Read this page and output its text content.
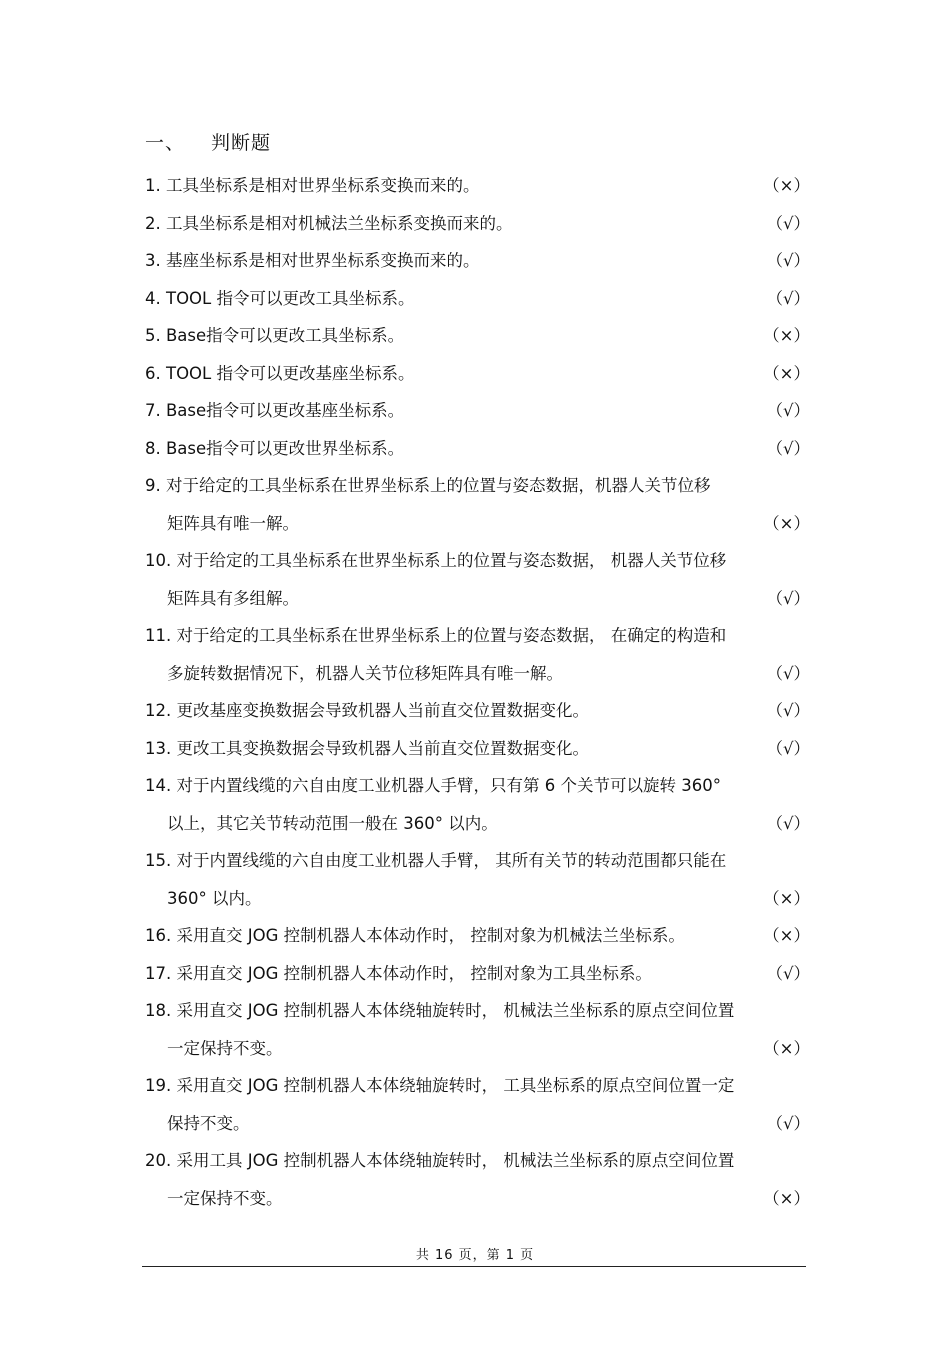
一、 判断题
1. 工具坐标系是相对世界坐标系变换而来的。	（×）
2. 工具坐标系是相对机械法兰坐标系变换而来的。	（√）
3. 基座坐标系是相对世界坐标系变换而来的。	（√）
4. TOOL 指令可以更改工具坐标系。	（√）
5. Base指令可以更改工具坐标系。	（×）
6. TOOL 指令可以更改基座坐标系。	（×）
7. Base指令可以更改基座坐标系。	（√）
8. Base指令可以更改世界坐标系。	（√）
9. 对于给定的工具坐标系在世界坐标系上的位置与姿态数据，机器人关节位移
矩阵具有唯一解。	（×）
10. 对于给定的工具坐标系在世界坐标系上的位置与姿态数据， 机器人关节位移
矩阵具有多组解。	（√）
11. 对于给定的工具坐标系在世界坐标系上的位置与姿态数据， 在确定的构造和
多旋转数据情况下，机器人关节位移矩阵具有唯一解。	（√）
12. 更改基座变换数据会导致机器人当前直交位置数据变化。	（√）
13. 更改工具变换数据会导致机器人当前直交位置数据变化。	（√）
14. 对于内置线缆的六自由度工业机器人手臂，只有第 6 个关节可以旋转 360°
以上，其它关节转动范围一般在 360° 以内。	（√）
15. 对于内置线缆的六自由度工业机器人手臂， 其所有关节的转动范围都只能在
360° 以内。	（×）
16. 采用直交 JOG 控制机器人本体动作时， 控制对象为机械法兰坐标系。	（×）
17. 采用直交 JOG 控制机器人本体动作时， 控制对象为工具坐标系。	（√）
18. 采用直交 JOG 控制机器人本体绕轴旋转时， 机械法兰坐标系的原点空间位置
一定保持不变。	（×）
19. 采用直交 JOG 控制机器人本体绕轴旋转时， 工具坐标系的原点空间位置一定
保持不变。	（√）
20. 采用工具 JOG 控制机器人本体绕轴旋转时， 机械法兰坐标系的原点空间位置
一定保持不变。	（×）
共 16 页，第 1 页
